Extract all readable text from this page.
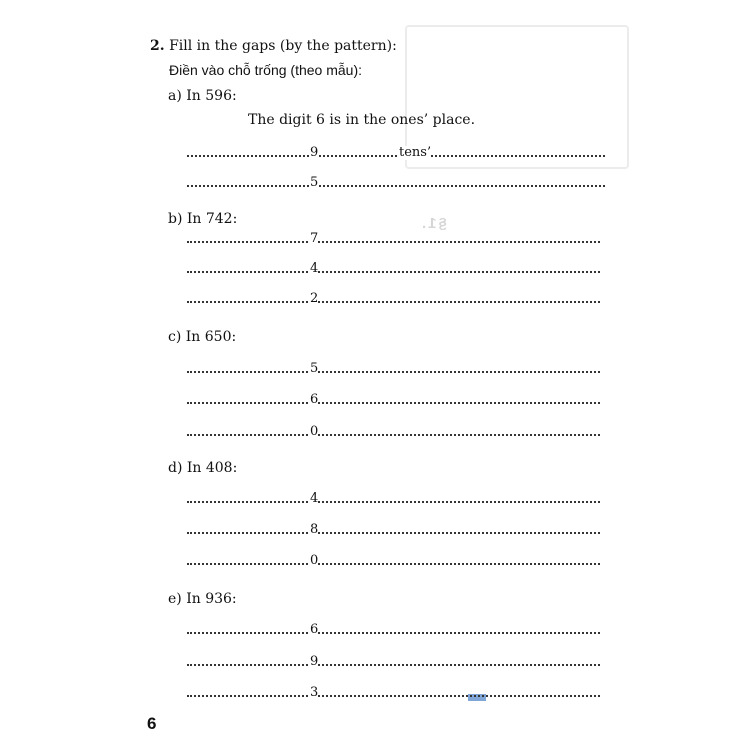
§1.
2. Fill in the gaps (by the pattern):
Điền vào chỗ trống (theo mẫu):
a) In 596:
The digit 6 is in the ones’ place.
9	tens’
5
b) In 742:
7
4
2
c) In 650:
5
6
0
d) In 408:
4
8
0
e) In 936:
6
9
3
6
